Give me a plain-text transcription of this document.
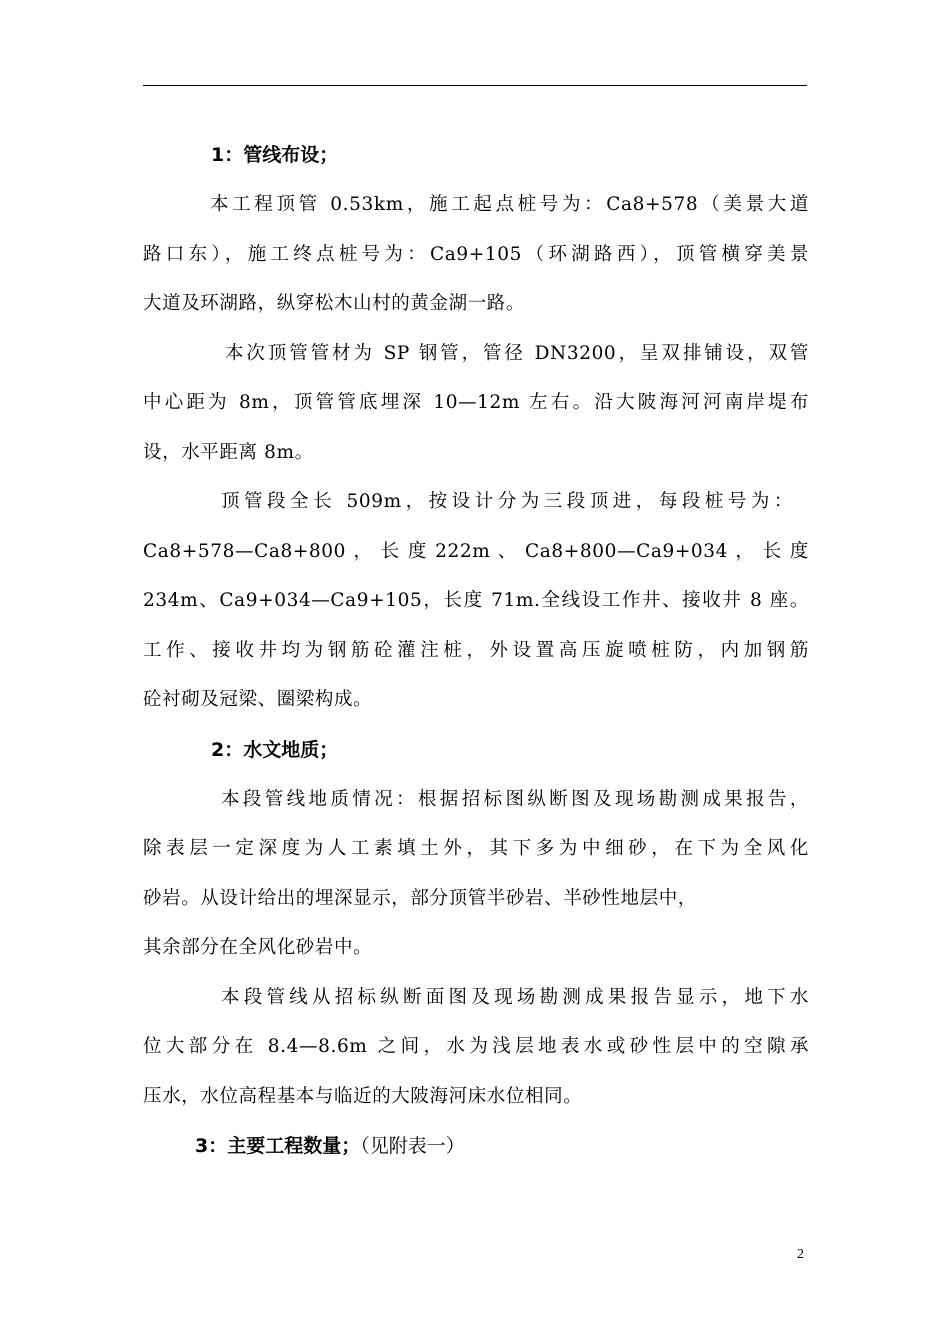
1：管线布设；
本工程顶管 0.53km，施工起点桩号为：Ca8+578（美景大道
路口东），施工终点桩号为：Ca9+105（环湖路西），顶管横穿美景
大道及环湖路，纵穿松木山村的黄金湖一路。
本次顶管管材为 SP 钢管，管径 DN3200，呈双排铺设，双管
中心距为 8m，顶管管底埋深 10—12m 左右。沿大陂海河河南岸堤布
设，水平距离 8m。
顶管段全长 509m，按设计分为三段顶进，每段桩号为：
Ca8+578—Ca8+800 ， 长 度 222m 、 Ca8+800—Ca9+034 ， 长 度
234m、Ca9+034—Ca9+105，长度 71m.全线设工作井、接收井 8 座。
工作、接收井均为钢筋砼灌注桩，外设置高压旋喷桩防，内加钢筋
砼衬砌及冠梁、圈梁构成。
2：水文地质；
本段管线地质情况：根据招标图纵断图及现场勘测成果报告，
除表层一定深度为人工素填土外，其下多为中细砂，在下为全风化
砂岩。从设计给出的埋深显示，部分顶管半砂岩、半砂性地层中，
其余部分在全风化砂岩中。
本段管线从招标纵断面图及现场勘测成果报告显示，地下水
位大部分在 8.4—8.6m 之间，水为浅层地表水或砂性层中的空隙承
压水，水位高程基本与临近的大陂海河床水位相同。
3：主要工程数量；（见附表一）
2
